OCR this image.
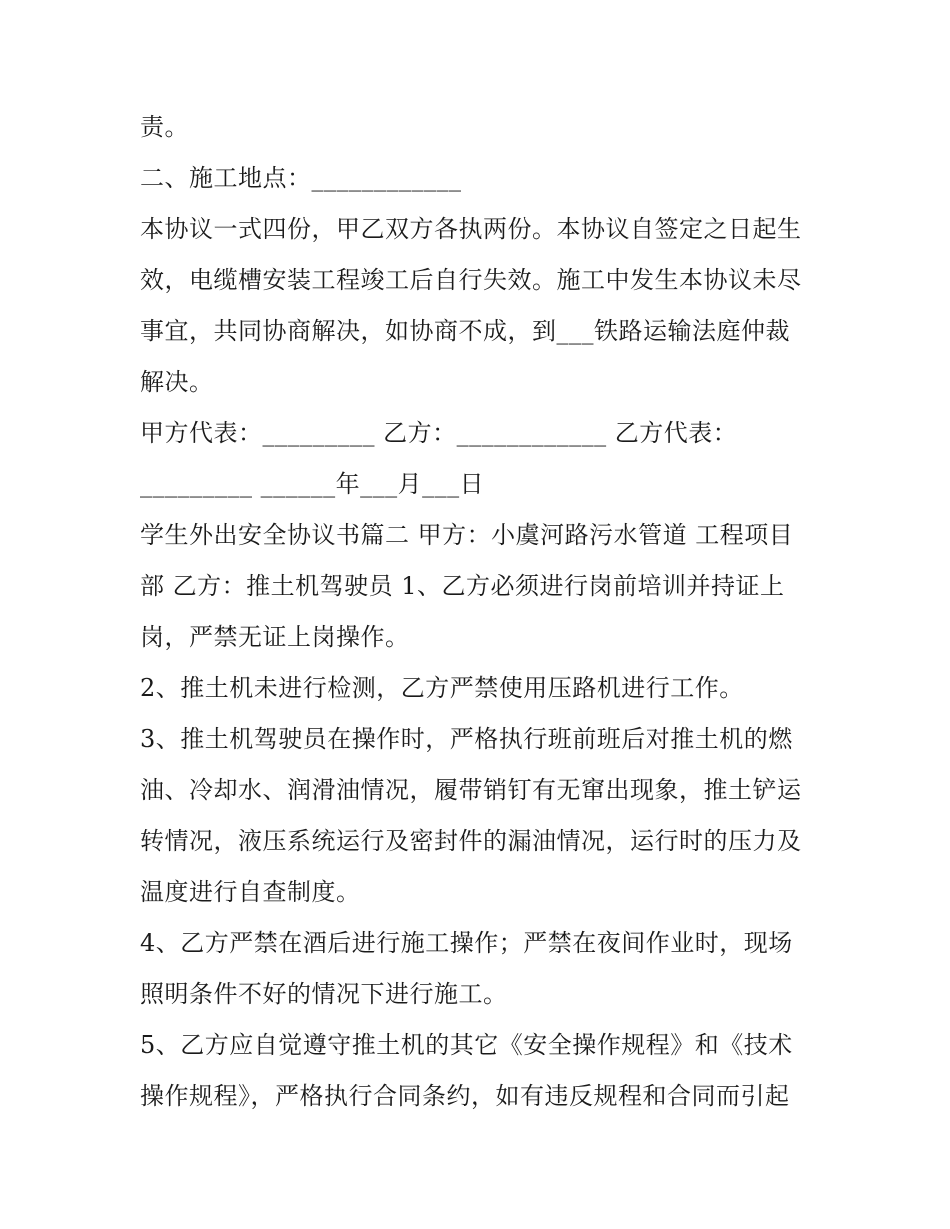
责。
二、施工地点：____________
本协议一式四份，甲乙双方各执两份。本协议自签定之日起生
效，电缆槽安装工程竣工后自行失效。施工中发生本协议未尽
事宜，共同协商解决，如协商不成，到___铁路运输法庭仲裁
解决。
甲方代表：_________ 乙方：____________ 乙方代表：
_________ ______年___月___日
学生外出安全协议书篇二 甲方：小虞河路污水管道 工程项目
部 乙方：推土机驾驶员 1、乙方必须进行岗前培训并持证上
岗，严禁无证上岗操作。
2、推土机未进行检测，乙方严禁使用压路机进行工作。
3、推土机驾驶员在操作时，严格执行班前班后对推土机的燃
油、冷却水、润滑油情况，履带销钉有无窜出现象，推土铲运
转情况，液压系统运行及密封件的漏油情况，运行时的压力及
温度进行自查制度。
4、乙方严禁在酒后进行施工操作；严禁在夜间作业时，现场
照明条件不好的情况下进行施工。
5、乙方应自觉遵守推土机的其它《安全操作规程》和《技术
操作规程》，严格执行合同条约，如有违反规程和合同而引起
